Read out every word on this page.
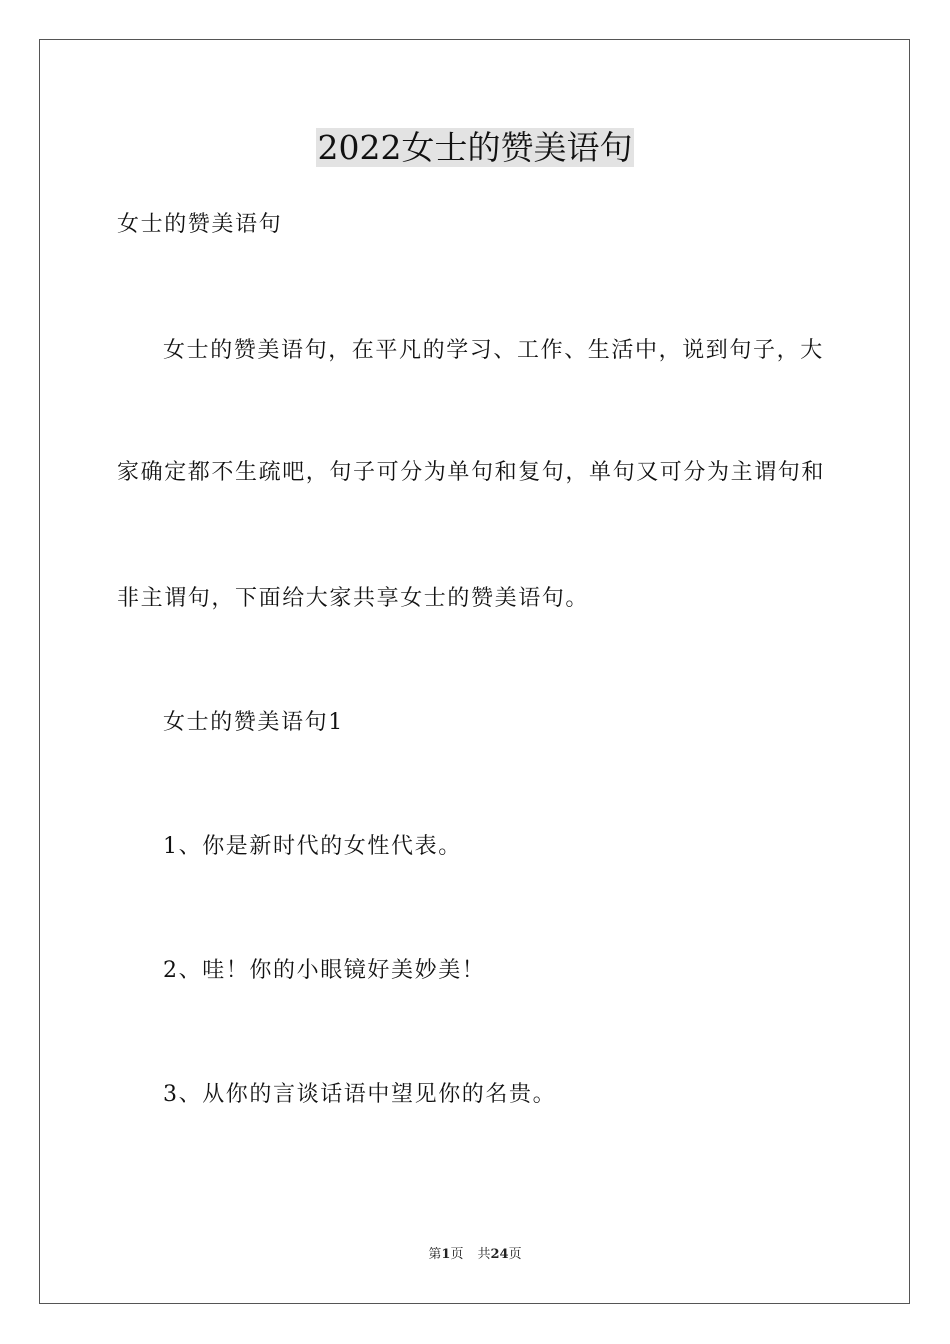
2022女士的赞美语句

女士的赞美语句

女士的赞美语句，在平凡的学习、工作、生活中，说到句子，大

家确定都不生疏吧，句子可分为单句和复句，单句又可分为主谓句和

非主谓句，下面给大家共享女士的赞美语句。

女士的赞美语句1

1、你是新时代的女性代表。

2、哇！你的小眼镜好美妙美！

3、从你的言谈话语中望见你的名贵。

第1页 共24页
